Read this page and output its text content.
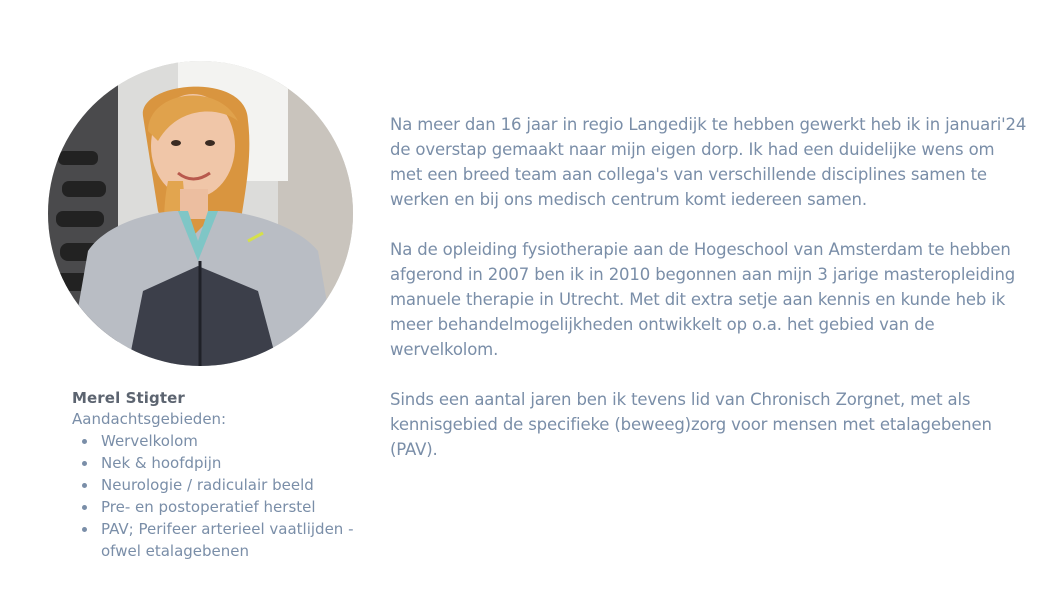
Merel Stigter
Aandachtsgebieden:
Wervelkolom
Nek & hoofdpijn
Neurologie / radiculair beeld
Pre- en postoperatief herstel
PAV; Perifeer arterieel vaatlijden - ofwel etalagebenen

Na meer dan 16 jaar in regio Langedijk te hebben gewerkt heb ik in januari'24 de overstap gemaakt naar mijn eigen dorp. Ik had een duidelijke wens om met een breed team aan collega's van verschillende disciplines samen te werken en bij ons medisch centrum komt iedereen samen.

Na de opleiding fysiotherapie aan de Hogeschool van Amsterdam te hebben afgerond in 2007 ben ik in 2010 begonnen aan mijn 3 jarige masteropleiding manuele therapie in Utrecht. Met dit extra setje aan kennis en kunde heb ik meer behandelmogelijkheden ontwikkelt op o.a. het gebied van de wervelkolom.

Sinds een aantal jaren ben ik tevens lid van Chronisch Zorgnet, met als kennisgebied de specifieke (beweeg)zorg voor mensen met etalagebenen (PAV).
